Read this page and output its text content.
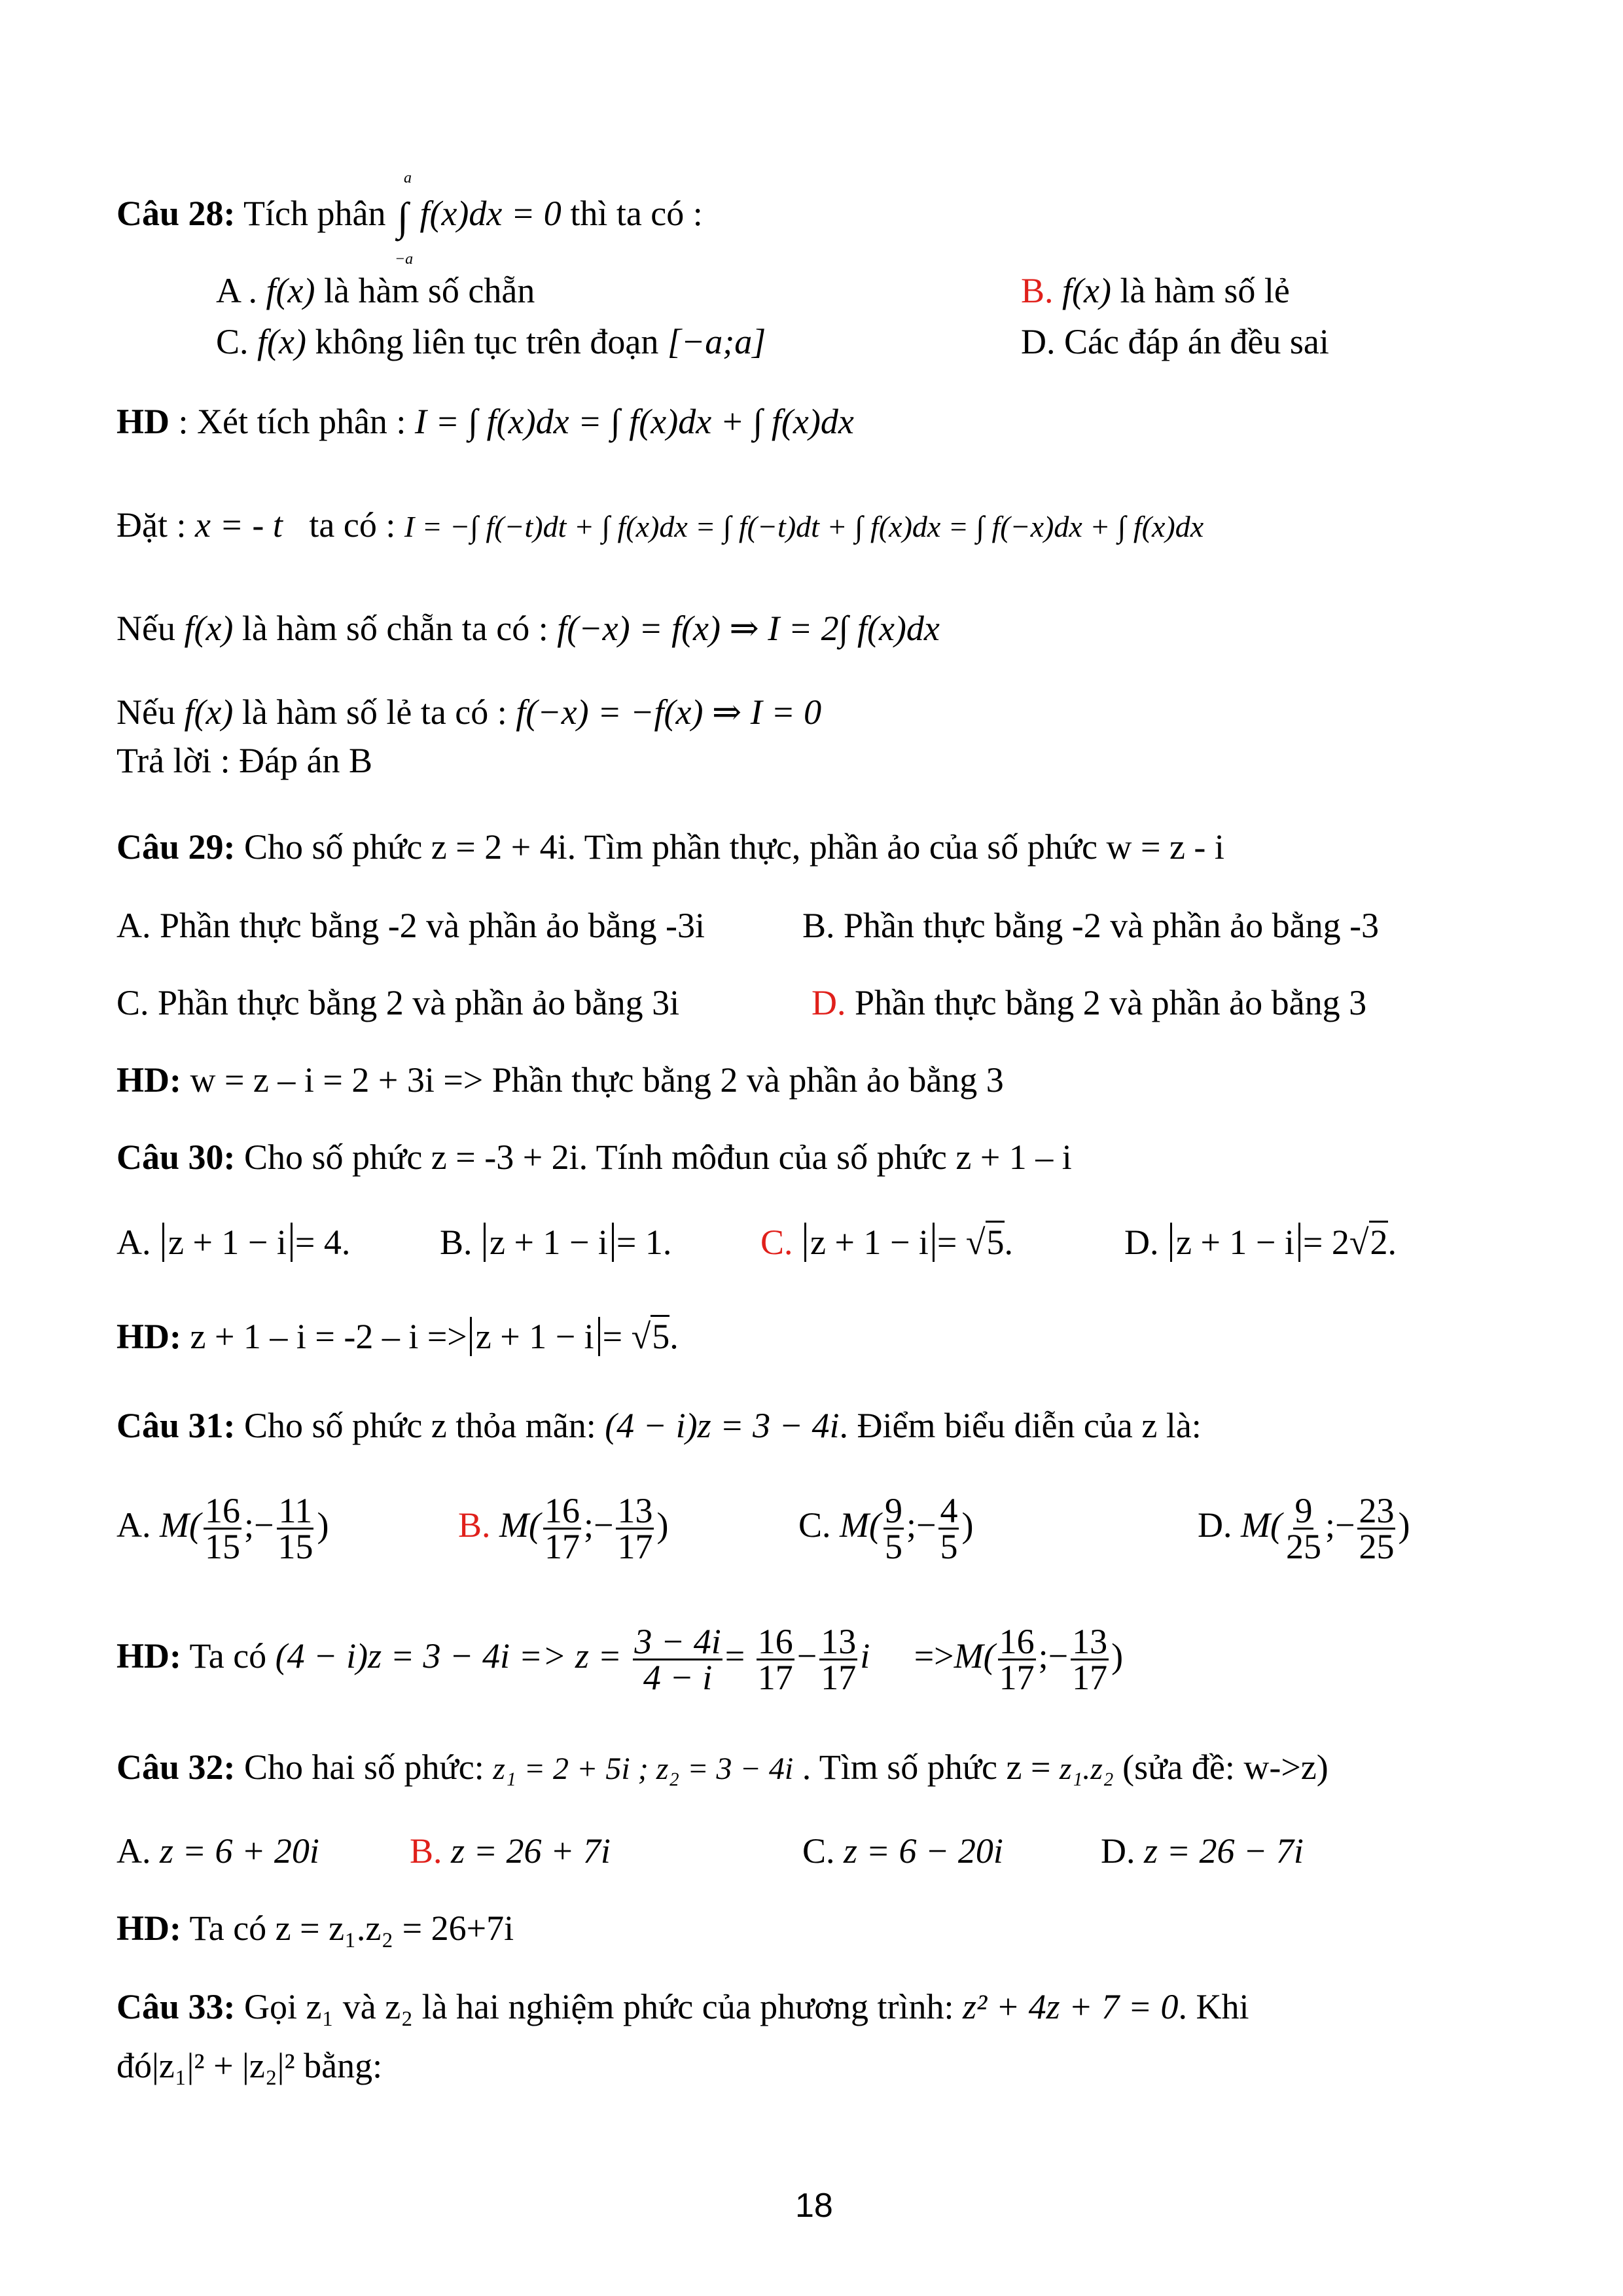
Câu 28: Tích phân ∫
a
−a
f(x)dx = 0 thì ta có :
A . f(x) là hàm số chẵn	B. f(x) là hàm số lẻ
C. f(x) không liên tục trên đoạn [−a;a]	D. Các đáp án đều sai
HD : Xét tích phân : I = ∫ f(x)dx = ∫ f(x)dx + ∫ f(x)dx
Đặt : x = - t ta có : I = −∫ f(−t)dt + ∫ f(x)dx = ∫ f(−t)dt + ∫ f(x)dx = ∫ f(−x)dx + ∫ f(x)dx
Nếu f(x) là hàm số chẵn ta có : f(−x) = f(x) ⇒ I = 2∫ f(x)dx
Nếu f(x) là hàm số lẻ ta có : f(−x) = −f(x) ⇒ I = 0
Trả lời : Đáp án B
Câu 29: Cho số phức z = 2 + 4i. Tìm phần thực, phần ảo của số phức w = z - i
A. Phần thực bằng -2 và phần ảo bằng -3i	B. Phần thực bằng -2 và phần ảo bằng -3
C. Phần thực bằng 2 và phần ảo bằng 3i	D. Phần thực bằng 2 và phần ảo bằng 3
HD: w = z – i = 2 + 3i => Phần thực bằng 2 và phần ảo bằng 3
Câu 30: Cho số phức z = -3 + 2i. Tính môđun của số phức z + 1 – i
A. z + 1 − i = 4.	B. z + 1 − i = 1.	C. z + 1 − i = √5.	D. z + 1 − i = 2√2.
HD: z + 1 – i = -2 – i => z + 1 − i = √5.
Câu 31: Cho số phức z thỏa mãn: (4 − i)z = 3 − 4i. Điểm biểu diễn của z là:
A. $M( \frac{16}{15}$ ;− $\frac{11}{15}$ )	B. $M( \frac{16}{17}$ ;− $\frac{13}{17}$ )	C. $M( \frac{9}{5}$ ;− $\frac{4}{5}$ )	D. $M( \frac{9}{25}$ ;− $\frac{23}{25}$ )
HD: Ta có $(4 - i)z = 3 - 4i => z = \frac{3 - 4i}{4 - i} = \frac{16}{17} - \frac{13}{17}$ $i =>M( \frac{16}{17}$ ;− $\frac{13}{17}$ )
Câu 32: Cho hai số phức: z₁ = 2 + 5i ; z₂ = 3 − 4i . Tìm số phức z = z₁.z₂ (sửa đề: w->z)
A. z = 6 + 20i	B. z = 26 + 7i	C. z = 6 − 20i	D. z = 26 − 7i
HD: Ta có z = z₁.z₂ = 26+7i
Câu 33: Gọi z₁ và z₂ là hai nghiệm phức của phương trình: z² + 4z + 7 = 0. Khi
đó|z₁|² + |z₂|² bằng:
18
